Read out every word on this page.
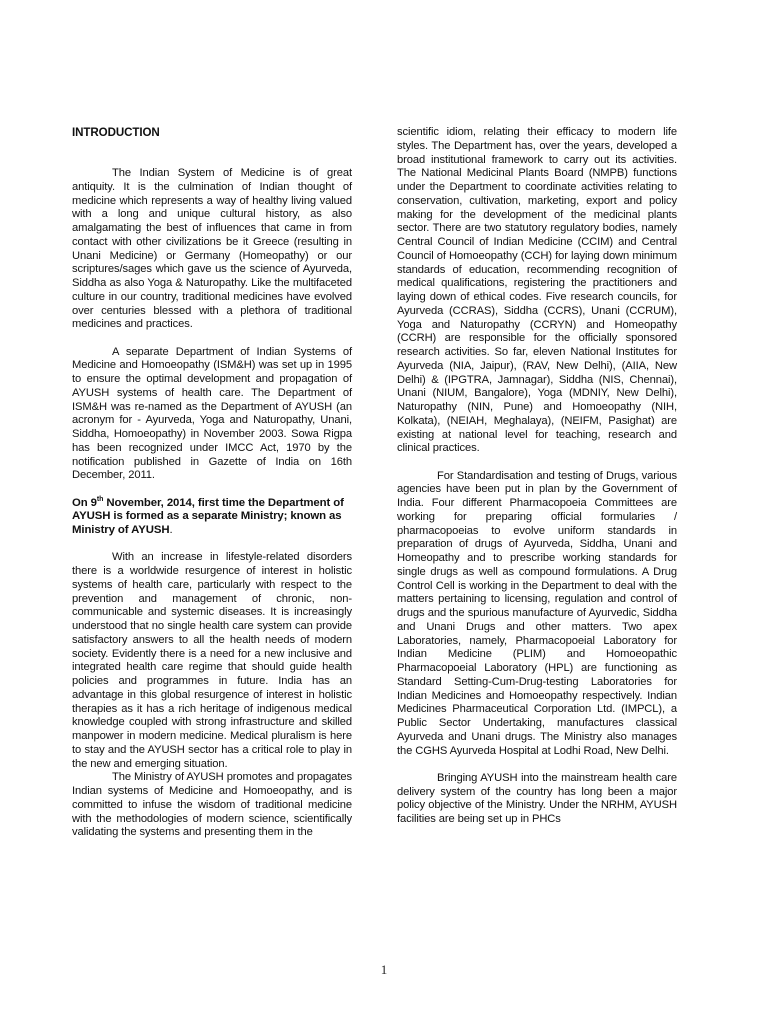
INTRODUCTION

The Indian System of Medicine is of great antiquity. It is the culmination of Indian thought of medicine which represents a way of healthy living valued with a long and unique cultural history, as also amalgamating the best of influences that came in from contact with other civilizations be it Greece (resulting in Unani Medicine) or Germany (Homeopathy) or our scriptures/sages which gave us the science of Ayurveda, Siddha as also Yoga & Naturopathy. Like the multifaceted culture in our country, traditional medicines have evolved over centuries blessed with a plethora of traditional medicines and practices.

A separate Department of Indian Systems of Medicine and Homoeopathy (ISM&H) was set up in 1995 to ensure the optimal development and propagation of AYUSH systems of health care. The Department of ISM&H was re-named as the Department of AYUSH (an acronym for - Ayurveda, Yoga and Naturopathy, Unani, Siddha, Homoeopathy) in November 2003. Sowa Rigpa has been recognized under IMCC Act, 1970 by the notification published in Gazette of India on 16th December, 2011.

On 9th November, 2014, first time the Department of AYUSH is formed as a separate Ministry; known as Ministry of AYUSH.

With an increase in lifestyle-related disorders there is a worldwide resurgence of interest in holistic systems of health care, particularly with respect to the prevention and management of chronic, non-communicable and systemic diseases. It is increasingly understood that no single health care system can provide satisfactory answers to all the health needs of modern society. Evidently there is a need for a new inclusive and integrated health care regime that should guide health policies and programmes in future. India has an advantage in this global resurgence of interest in holistic therapies as it has a rich heritage of indigenous medical knowledge coupled with strong infrastructure and skilled manpower in modern medicine. Medical pluralism is here to stay and the AYUSH sector has a critical role to play in the new and emerging situation.

The Ministry of AYUSH promotes and propagates Indian systems of Medicine and Homoeopathy, and is committed to infuse the wisdom of traditional medicine with the methodologies of modern science, scientifically validating the systems and presenting them in the

scientific idiom, relating their efficacy to modern life styles. The Department has, over the years, developed a broad institutional framework to carry out its activities. The National Medicinal Plants Board (NMPB) functions under the Department to coordinate activities relating to conservation, cultivation, marketing, export and policy making for the development of the medicinal plants sector. There are two statutory regulatory bodies, namely Central Council of Indian Medicine (CCIM) and Central Council of Homoeopathy (CCH) for laying down minimum standards of education, recommending recognition of medical qualifications, registering the practitioners and laying down of ethical codes. Five research councils, for Ayurveda (CCRAS), Siddha (CCRS), Unani (CCRUM), Yoga and Naturopathy (CCRYN) and Homeopathy (CCRH) are responsible for the officially sponsored research activities. So far, eleven National Institutes for Ayurveda (NIA, Jaipur), (RAV, New Delhi), (AIIA, New Delhi) & (IPGTRA, Jamnagar), Siddha (NIS, Chennai), Unani (NIUM, Bangalore), Yoga (MDNIY, New Delhi), Naturopathy (NIN, Pune) and Homoeopathy (NIH, Kolkata), (NEIAH, Meghalaya), (NEIFM, Pasighat) are existing at national level for teaching, research and clinical practices.

For Standardisation and testing of Drugs, various agencies have been put in plan by the Government of India. Four different Pharmacopoeia Committees are working for preparing official formularies / pharmacopoeias to evolve uniform standards in preparation of drugs of Ayurveda, Siddha, Unani and Homeopathy and to prescribe working standards for single drugs as well as compound formulations. A Drug Control Cell is working in the Department to deal with the matters pertaining to licensing, regulation and control of drugs and the spurious manufacture of Ayurvedic, Siddha and Unani Drugs and other matters. Two apex Laboratories, namely, Pharmacopoeial Laboratory for Indian Medicine (PLIM) and Homoeopathic Pharmacopoeial Laboratory (HPL) are functioning as Standard Setting-Cum-Drug-testing Laboratories for Indian Medicines and Homoeopathy respectively. Indian Medicines Pharmaceutical Corporation Ltd. (IMPCL), a Public Sector Undertaking, manufactures classical Ayurveda and Unani drugs. The Ministry also manages the CGHS Ayurveda Hospital at Lodhi Road, New Delhi.

Bringing AYUSH into the mainstream health care delivery system of the country has long been a major policy objective of the Ministry. Under the NRHM, AYUSH facilities are being set up in PHCs

1
